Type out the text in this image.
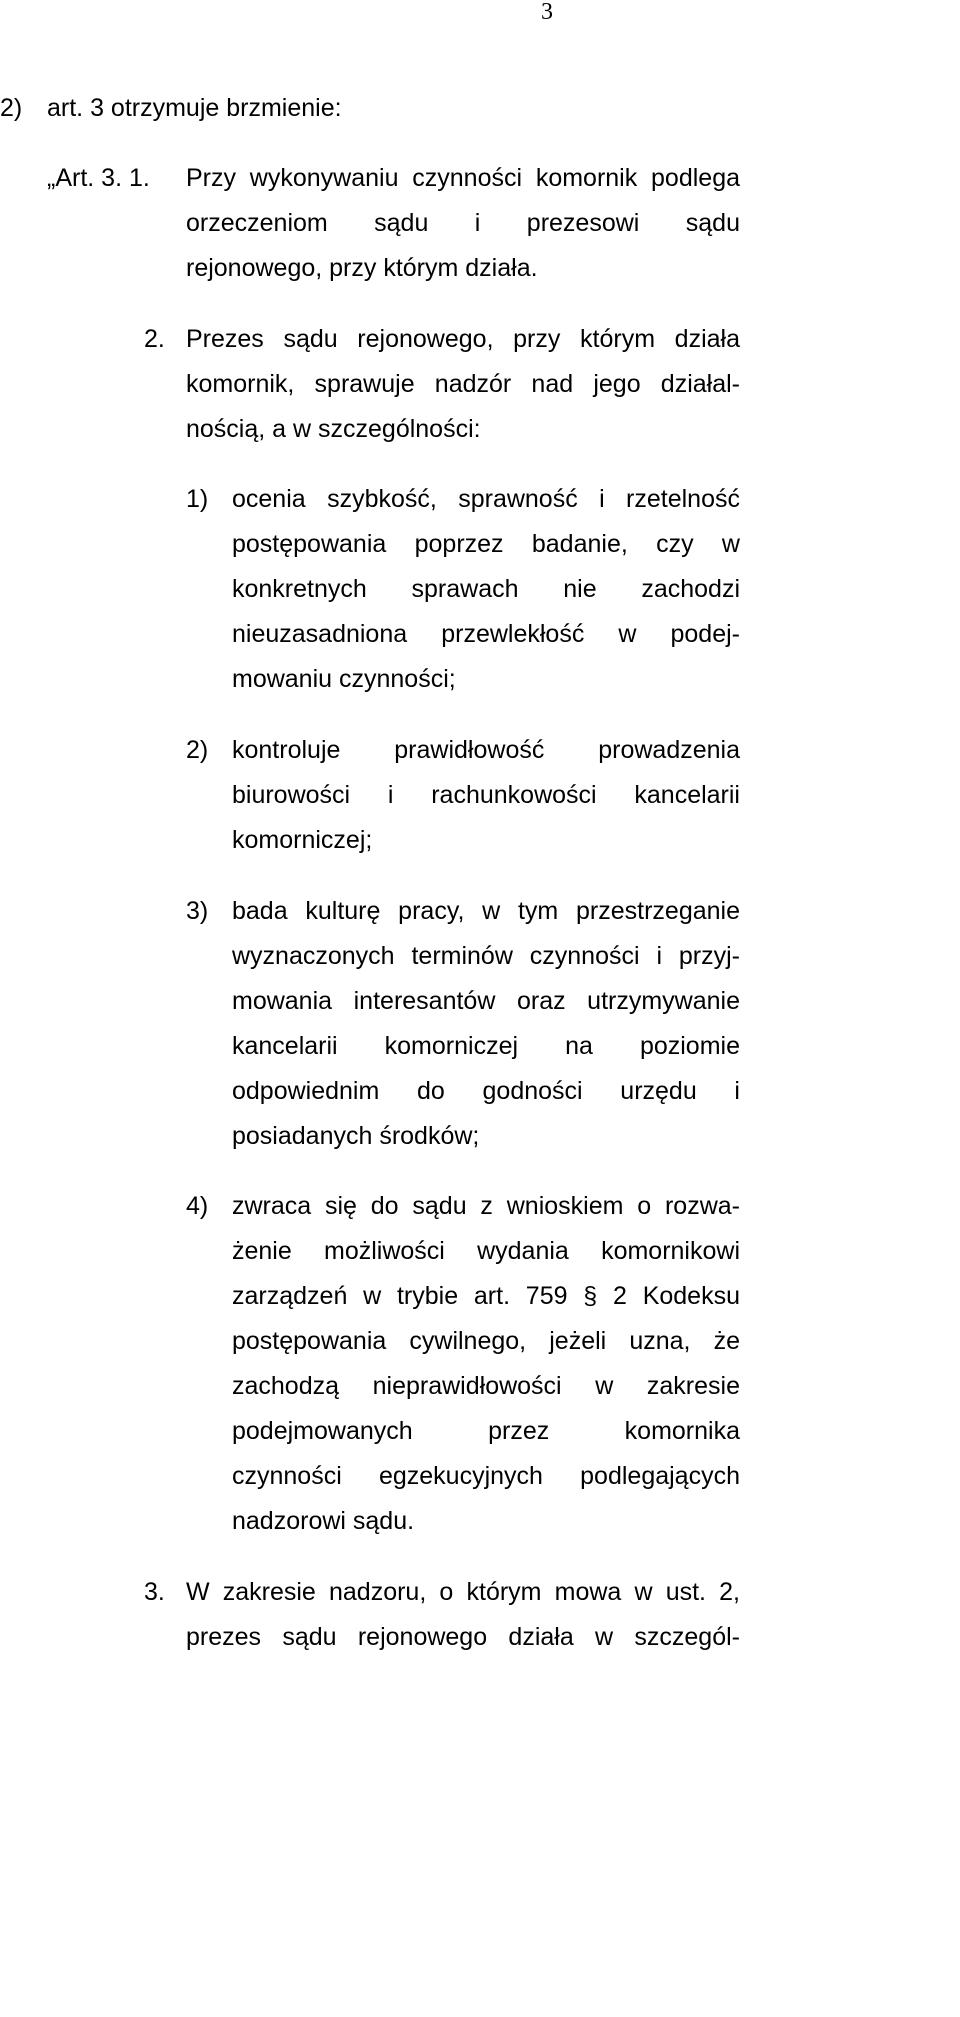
3
2) art. 3 otrzymuje brzmienie:
„Art. 3. 1. Przy wykonywaniu czynności komornik podlega
orzeczeniom sądu i prezesowi sądu
rejonowego, przy którym działa.
2. Prezes sądu rejonowego, przy którym działa
komornik, sprawuje nadzór nad jego działal-
nością, a w szczególności:
1) ocenia szybkość, sprawność i rzetelność
postępowania poprzez badanie, czy w
konkretnych sprawach nie zachodzi
nieuzasadniona przewlekłość w podej-
mowaniu czynności;
2) kontroluje prawidłowość prowadzenia
biurowości i rachunkowości kancelarii
komorniczej;
3) bada kulturę pracy, w tym przestrzeganie
wyznaczonych terminów czynności i przyj-
mowania interesantów oraz utrzymywanie
kancelarii komorniczej na poziomie
odpowiednim do godności urzędu i
posiadanych środków;
4) zwraca się do sądu z wnioskiem o rozwa-
żenie możliwości wydania komornikowi
zarządzeń w trybie art. 759 § 2 Kodeksu
postępowania cywilnego, jeżeli uzna, że
zachodzą nieprawidłowości w zakresie
podejmowanych przez komornika
czynności egzekucyjnych podlegających
nadzorowi sądu.
3. W zakresie nadzoru, o którym mowa w ust. 2,
prezes sądu rejonowego działa w szczegól-
